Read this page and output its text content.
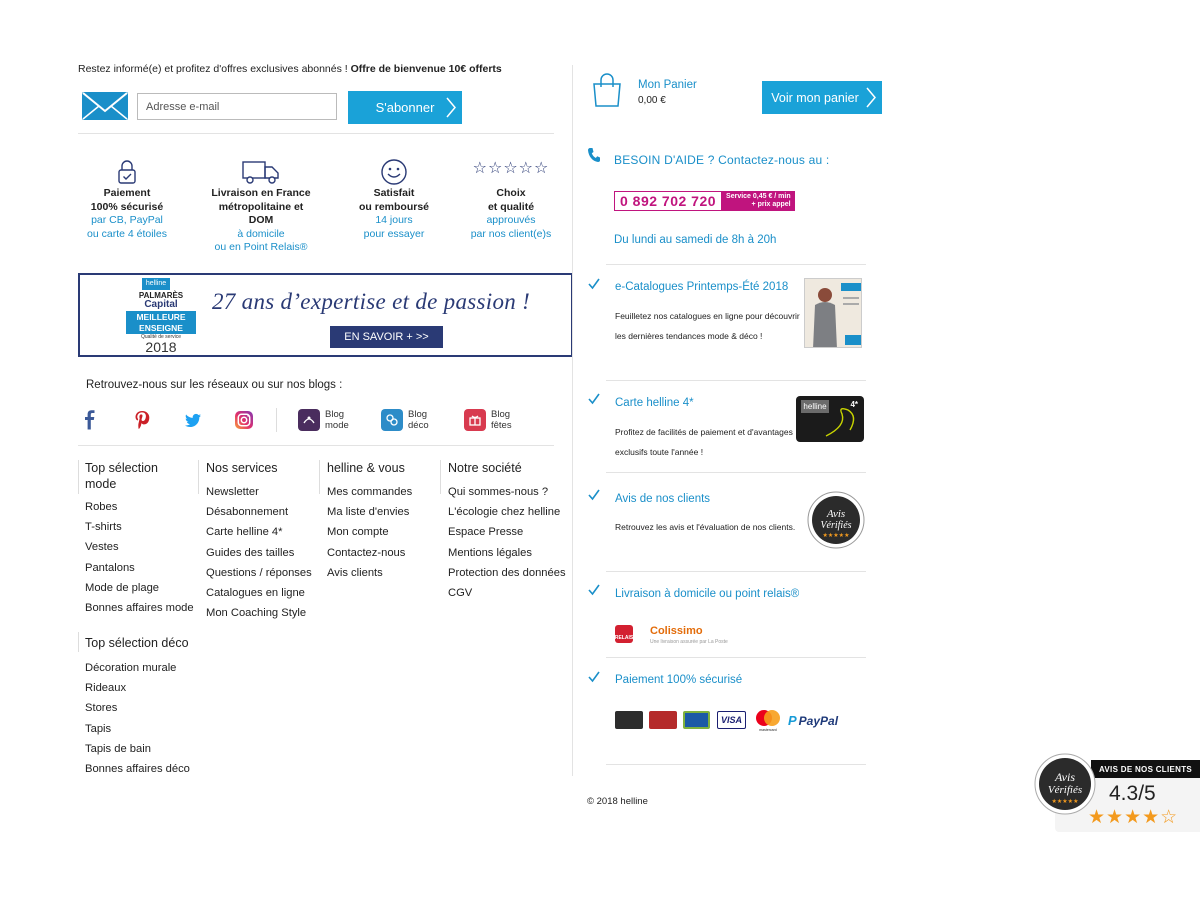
Restez informé(e) et profitez d'offres exclusives abonnés ! Offre de bienvenue 10€ offerts
Adresse e-mail
S'abonner
Paiement
100% sécurisé
par CB, PayPal
ou carte 4 étoiles
Livraison en France
métropolitaine et DOM
à domicile
ou en Point Relais®
Satisfait
ou remboursé
14 jours
pour essayer
☆☆☆☆☆
Choix
et qualité
approuvés
par nos client(e)s
helline
PALMARÈS
Capital
MEILLEURE
ENSEIGNE
Qualité de service
2018
27 ans d’expertise et de passion !
EN SAVOIR + >>
Retrouvez-nous sur les réseaux ou sur nos blogs :
Blog
mode
Blog
déco
Blog
fêtes
Top sélection
mode
Robes
T-shirts
Vestes
Pantalons
Mode de plage
Bonnes affaires mode
Top sélection déco
Décoration murale
Rideaux
Stores
Tapis
Tapis de bain
Bonnes affaires déco
Nos services
Newsletter
Désabonnement
Carte helline 4*
Guides des tailles
Questions / réponses
Catalogues en ligne
Mon Coaching Style
helline & vous
Mes commandes
Ma liste d'envies
Mon compte
Contactez-nous
Avis clients
Notre société
Qui sommes-nous ?
L'écologie chez helline
Espace Presse
Mentions légales
Protection des données
CGV
Mon Panier
0,00 €	Voir mon panier
BESOIN D'AIDE ? Contactez-nous au :
0 892 702 720	Service 0,45 € / min
+ prix appel
Du lundi au samedi de 8h à 20h
e-Catalogues Printemps-Été 2018
Feuilletez nos catalogues en ligne pour découvrir
les dernières tendances mode & déco !
Carte helline 4*
Profitez de facilités de paiement et d'avantages
exclusifs toute l'année !
helline	4*
Avis de nos clients
Retrouvez les avis et l'évaluation de nos clients.
Avis
Vérifiés
★★★★★
Livraison à domicile ou point relais®
RELAIS
Colissimo
Une livraison assurée par La Poste
Paiement 100% sécurisé
VISA
mastercard
P PayPal
© 2018 helline
AVIS DE NOS CLIENTS
Avis
Vérifiés
★★★★★ 4.3/5
★★★★☆
